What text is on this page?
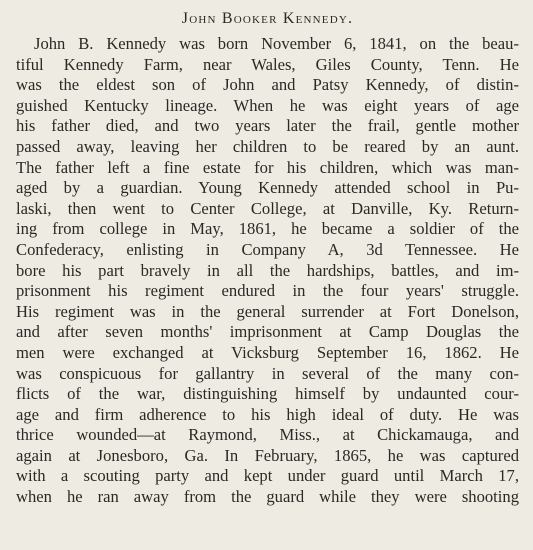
John Booker Kennedy.
John B. Kennedy was born November 6, 1841, on the beau-
tiful Kennedy Farm, near Wales, Giles County, Tenn. He
was the eldest son of John and Patsy Kennedy, of distin-
guished Kentucky lineage. When he was eight years of age
his father died, and two years later the frail, gentle mother
passed away, leaving her children to be reared by an aunt.
The father left a fine estate for his children, which was man-
aged by a guardian. Young Kennedy attended school in Pu-
laski, then went to Center College, at Danville, Ky. Return-
ing from college in May, 1861, he became a soldier of the
Confederacy, enlisting in Company A, 3d Tennessee. He
bore his part bravely in all the hardships, battles, and im-
prisonment his regiment endured in the four years' struggle.
His regiment was in the general surrender at Fort Donelson,
and after seven months' imprisonment at Camp Douglas the
men were exchanged at Vicksburg September 16, 1862. He
was conspicuous for gallantry in several of the many con-
flicts of the war, distinguishing himself by undaunted cour-
age and firm adherence to his high ideal of duty. He was
thrice wounded—at Raymond, Miss., at Chickamauga, and
again at Jonesboro, Ga. In February, 1865, he was captured
with a scouting party and kept under guard until March 17,
when he ran away from the guard while they were shooting
